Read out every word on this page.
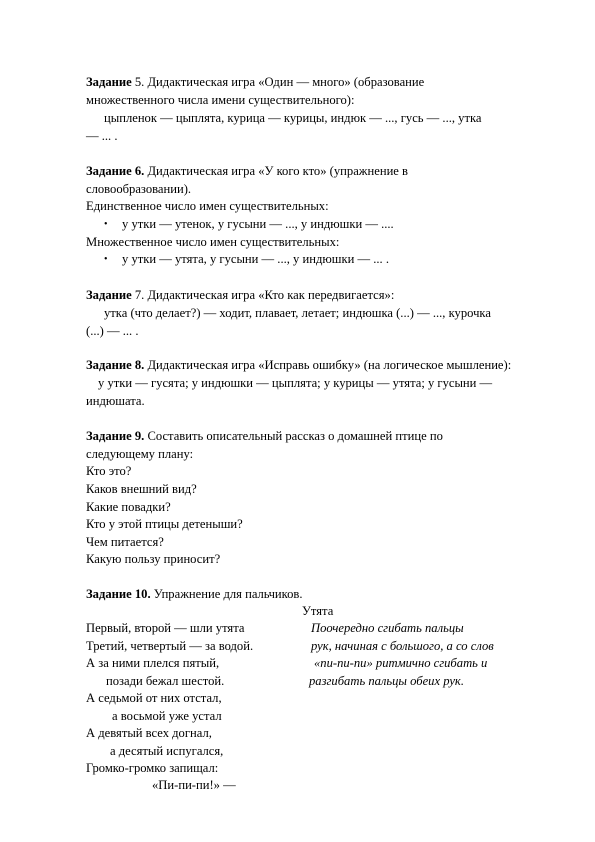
Задание 5. Дидактическая игра «Один — много» (образование
множественного числа имени существительного):
цыпленок — цыплята, курица — курицы, индюк — ..., гусь — ..., утка
— ... .
Задание 6. Дидактическая игра «У кого кто» (упражнение в
словообразовании).
Единственное число имен существительных:
• у утки — утенок, у гусыни — ..., у индюшки — ....
Множественное число имен существительных:
• у утки — утята, у гусыни — ..., у индюшки — ... .
Задание 7. Дидактическая игра «Кто как передвигается»:
утка (что делает?) — ходит, плавает, летает; индюшка (...) — ..., курочка
(...) — ... .
Задание 8. Дидактическая игра «Исправь ошибку» (на логическое мышление):
у утки — гусята; у индюшки — цыплята; у курицы — утята; у гусыни —
индюшата.
Задание 9. Составить описательный рассказ о домашней птице по
следующему плану:
Кто это?
Каков внешний вид?
Какие повадки?
Кто у этой птицы детеныши?
Чем питается?
Какую пользу приносит?
Задание 10. Упражнение для пальчиков.
Утята
Первый, второй — шли утята
Третий, четвертый — за водой.
А за ними плелся пятый,
позади бежал шестой.
А седьмой от них отстал,
а восьмой уже устал
А девятый всех догнал,
а десятый испугался,
Громко-громко запищал:
«Пи-пи-пи!» —
Поочередно сгибать пальцы
рук, начиная с большого, а со слов
«пи-пи-пи» ритмично сгибать и
разгибать пальцы обеих рук.
